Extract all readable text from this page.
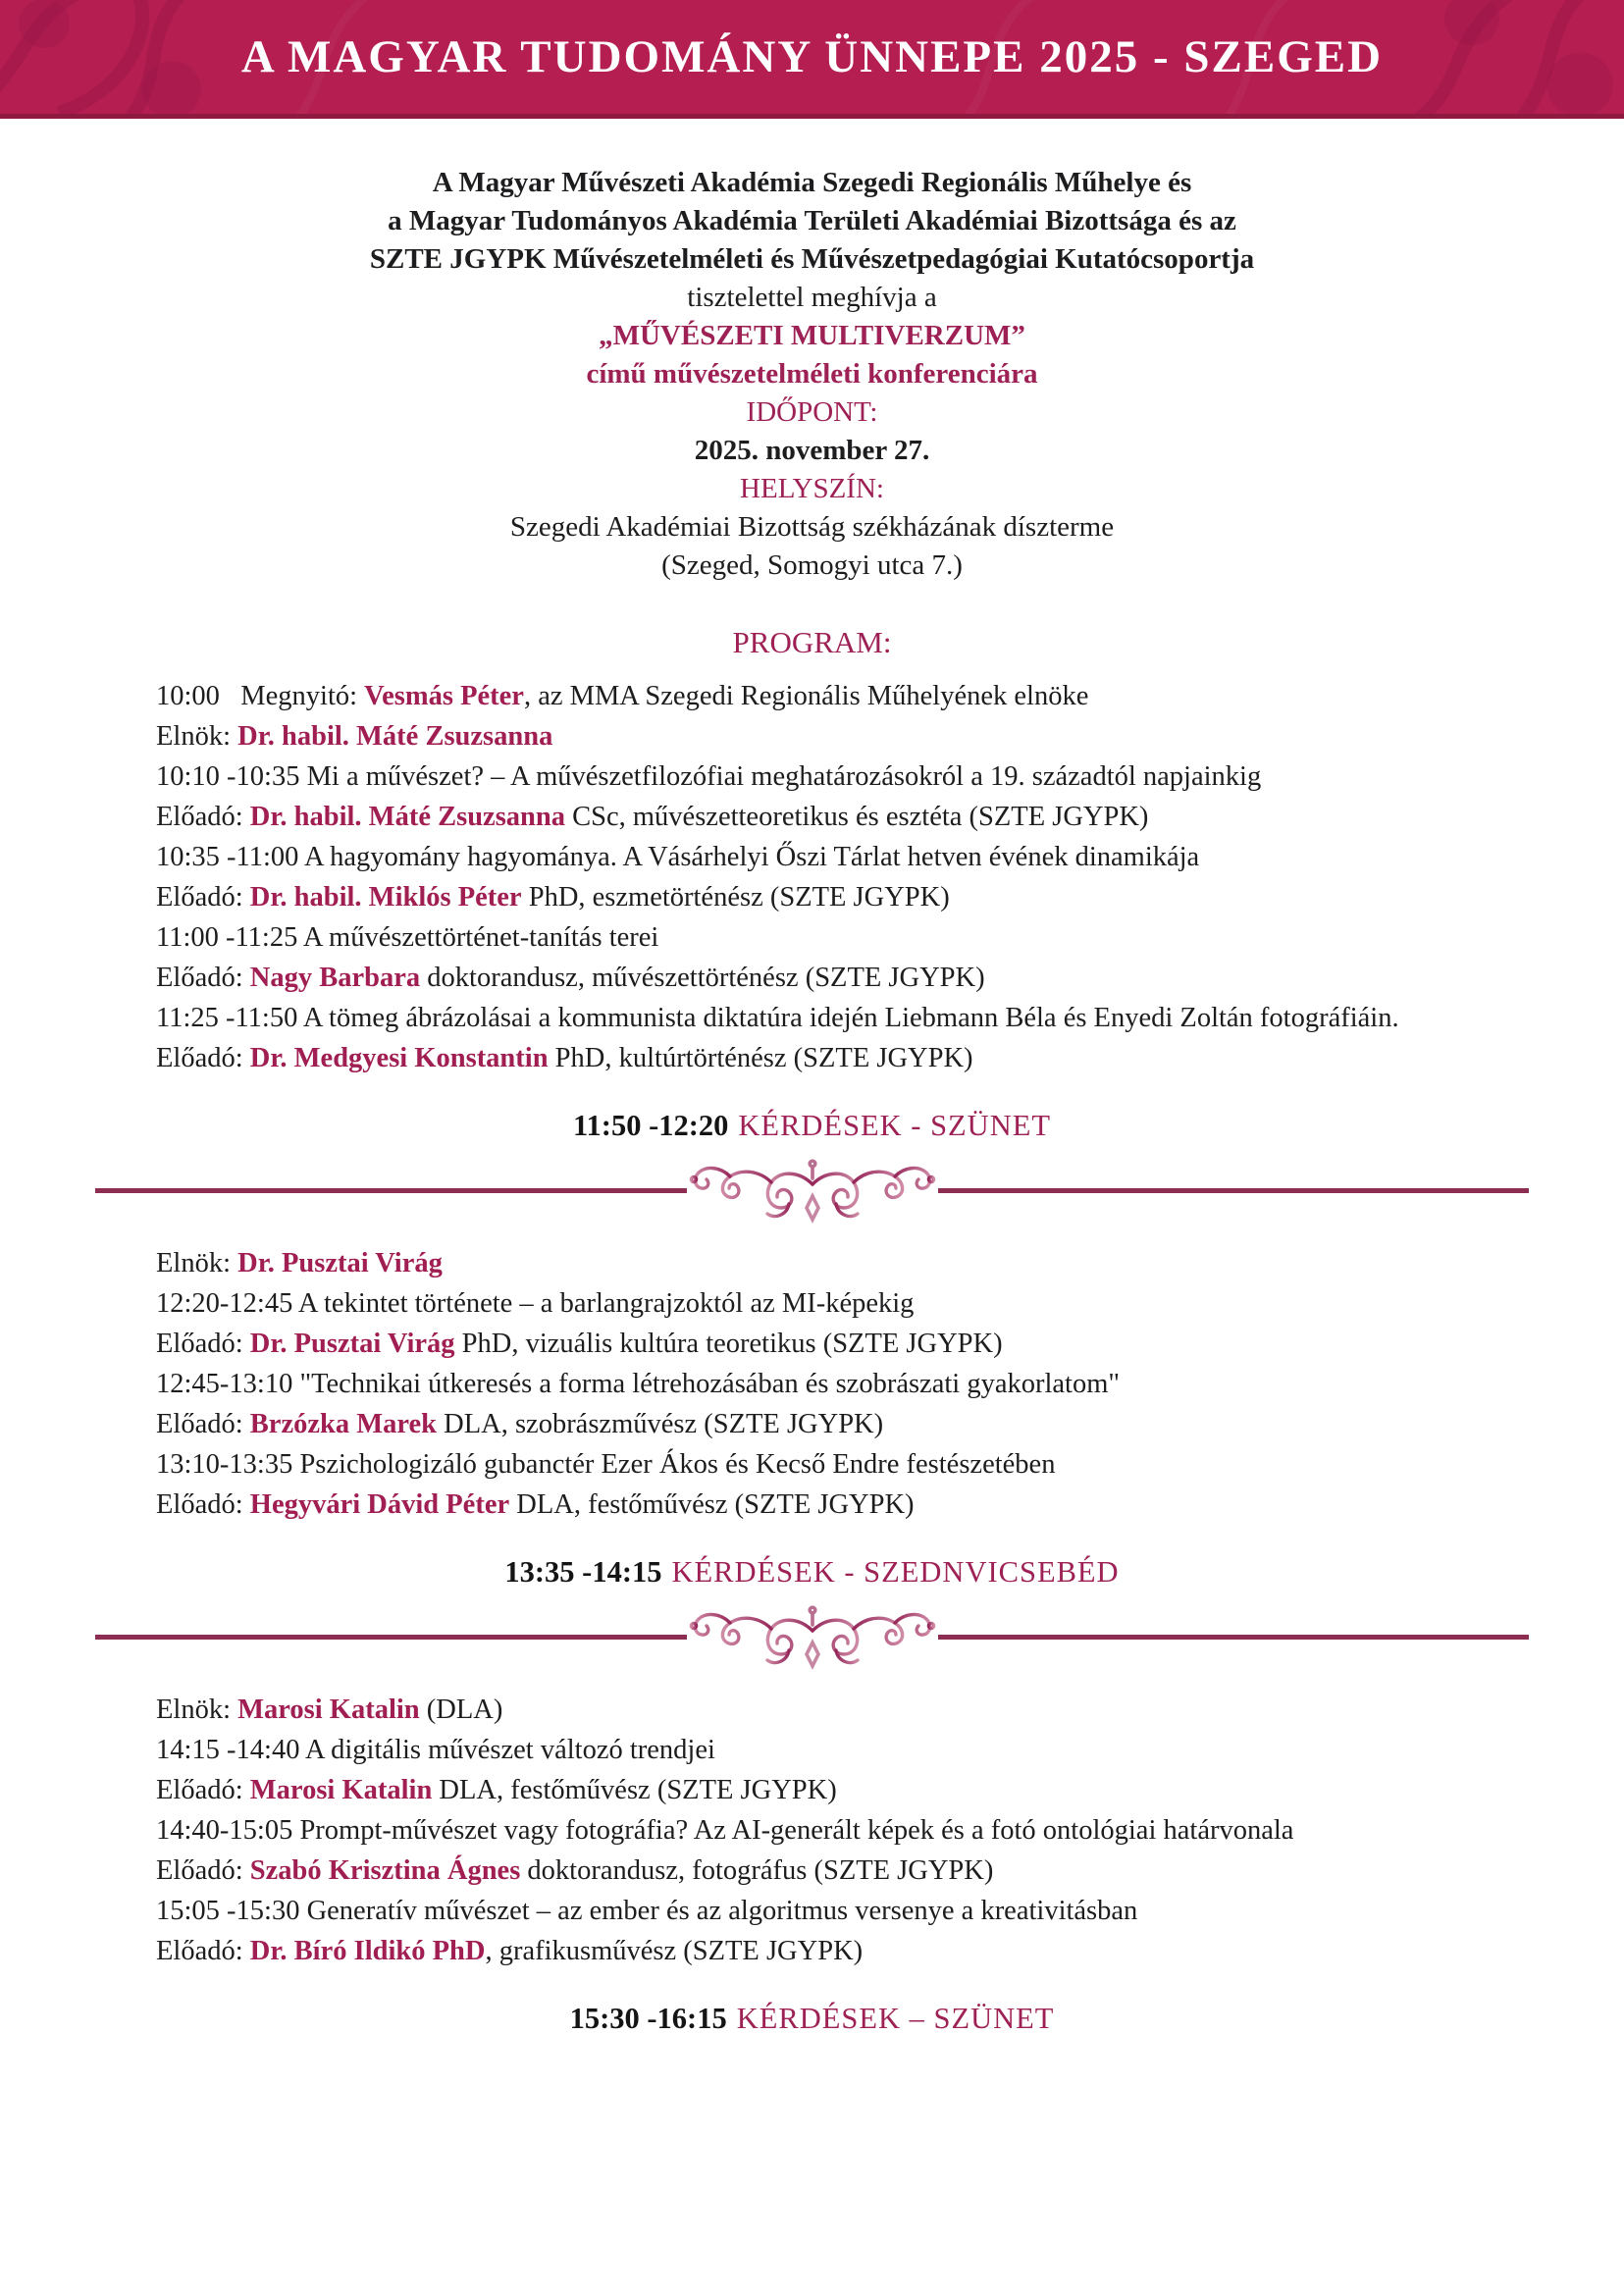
A MAGYAR TUDOMÁNY ÜNNEPE 2025 - SZEGED

A Magyar Művészeti Akadémia Szegedi Regionális Műhelye és

a Magyar Tudományos Akadémia Területi Akadémiai Bizottsága és az

SZTE JGYPK Művészetelméleti és Művészetpedagógiai Kutatócsoportja

tisztelettel meghívja a

„MŰVÉSZETI MULTIVERZUM”

című művészetelméleti konferenciára

IDŐPONT:

2025. november 27.

HELYSZÍN:

Szegedi Akadémiai Bizottság székházának díszterme

(Szeged, Somogyi utca 7.)

PROGRAM:

10:00   Megnyitó: Vesmás Péter, az MMA Szegedi Regionális Műhelyének elnöke

Elnök: Dr. habil. Máté Zsuzsanna

10:10 -10:35 Mi a művészet? – A művészetfilozófiai meghatározásokról a 19. századtól napjainkig

Előadó: Dr. habil. Máté Zsuzsanna CSc, művészetteoretikus és esztéta (SZTE JGYPK)

10:35 -11:00 A hagyomány hagyománya. A Vásárhelyi Őszi Tárlat hetven évének dinamikája

Előadó: Dr. habil. Miklós Péter PhD, eszmetörténész (SZTE JGYPK)

11:00 -11:25 A művészettörténet-tanítás terei

Előadó: Nagy Barbara doktorandusz, művészettörténész (SZTE JGYPK)

11:25 -11:50 A tömeg ábrázolásai a kommunista diktatúra idején Liebmann Béla és Enyedi Zoltán fotográfiáin.

Előadó: Dr. Medgyesi Konstantin PhD, kultúrtörténész (SZTE JGYPK)

11:50 -12:20 KÉRDÉSEK - SZÜNET

Elnök: Dr. Pusztai Virág

12:20-12:45 A tekintet története – a barlangrajzoktól az MI-képekig

Előadó: Dr. Pusztai Virág PhD, vizuális kultúra teoretikus (SZTE JGYPK)

12:45-13:10 "Technikai útkeresés a forma létrehozásában és szobrászati gyakorlatom"

Előadó: Brzózka Marek DLA, szobrászművész (SZTE JGYPK)

13:10-13:35 Pszichologizáló gubanctér Ezer Ákos és Kecső Endre festészetében

Előadó: Hegyvári Dávid Péter DLA, festőművész (SZTE JGYPK)

13:35 -14:15 KÉRDÉSEK - SZEDNVICSEBÉD

Elnök: Marosi Katalin (DLA)

14:15 -14:40 A digitális művészet változó trendjei

Előadó: Marosi Katalin DLA, festőművész (SZTE JGYPK)

14:40-15:05 Prompt-művészet vagy fotográfia? Az AI-generált képek és a fotó ontológiai határvonala

Előadó: Szabó Krisztina Ágnes doktorandusz, fotográfus (SZTE JGYPK)

15:05 -15:30 Generatív művészet – az ember és az algoritmus versenye a kreativitásban

Előadó: Dr. Bíró Ildikó PhD, grafikusművész (SZTE JGYPK)

15:30 -16:15 KÉRDÉSEK – SZÜNET
